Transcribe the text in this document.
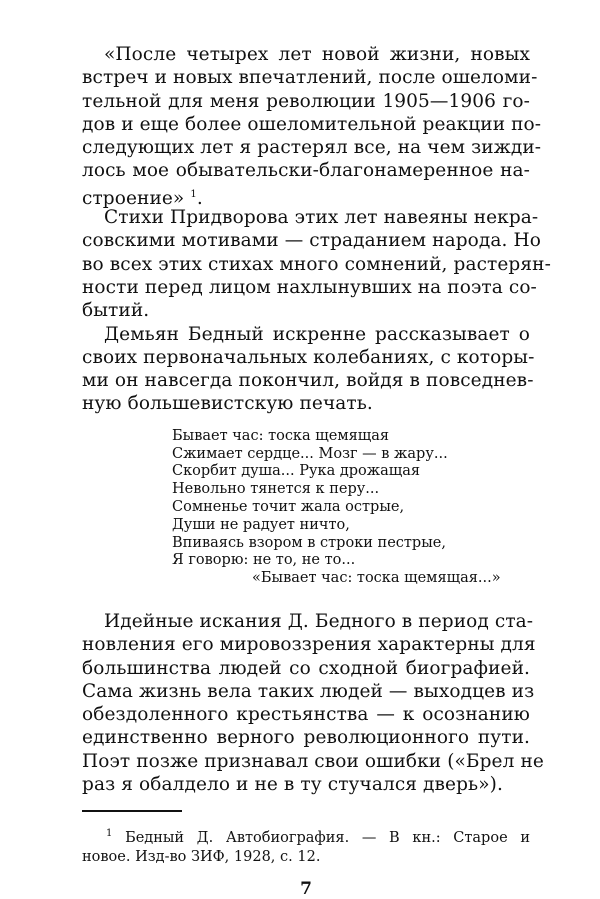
«После четырех лет новой жизни, новых
встреч и новых впечатлений, после ошеломи-
тельной для меня революции 1905—1906 го-
дов и еще более ошеломительной реакции по-
следующих лет я растерял все, на чем зижди-
лось мое обывательски-благонамеренное на-
строение» $^1$.
Стихи Придворова этих лет навеяны некра-
совскими мотивами — страданием народа. Но
во всех этих стихах много сомнений, растерян-
ности перед лицом нахлынувших на поэта со-
бытий.
Демьян Бедный искренне рассказывает о
своих первоначальных колебаниях, с которы-
ми он навсегда покончил, войдя в повседнев-
ную большевистскую печать.
Бывает час: тоска щемящая
Сжимает сердце... Мозг — в жару...
Скорбит душа... Рука дрожащая
Невольно тянется к перу...
Сомненье точит жала острые,
Души не радует ничто,
Впиваясь взором в строки пестрые,
Я говорю: не то, не то...
«Бывает час: тоска щемящая...»
Идейные искания Д. Бедного в период ста-
новления его мировоззрения характерны для
большинства людей со сходной биографией.
Сама жизнь вела таких людей — выходцев из
обездоленного крестьянства — к осознанию
единственно верного революционного пути.
Поэт позже признавал свои ошибки («Брел не
раз я обалдело и не в ту стучался дверь»).
$^1$ Бедный Д. Автобиография. — В кн.: Старое и
новое. Изд-во ЗИФ, 1928, с. 12.
7
